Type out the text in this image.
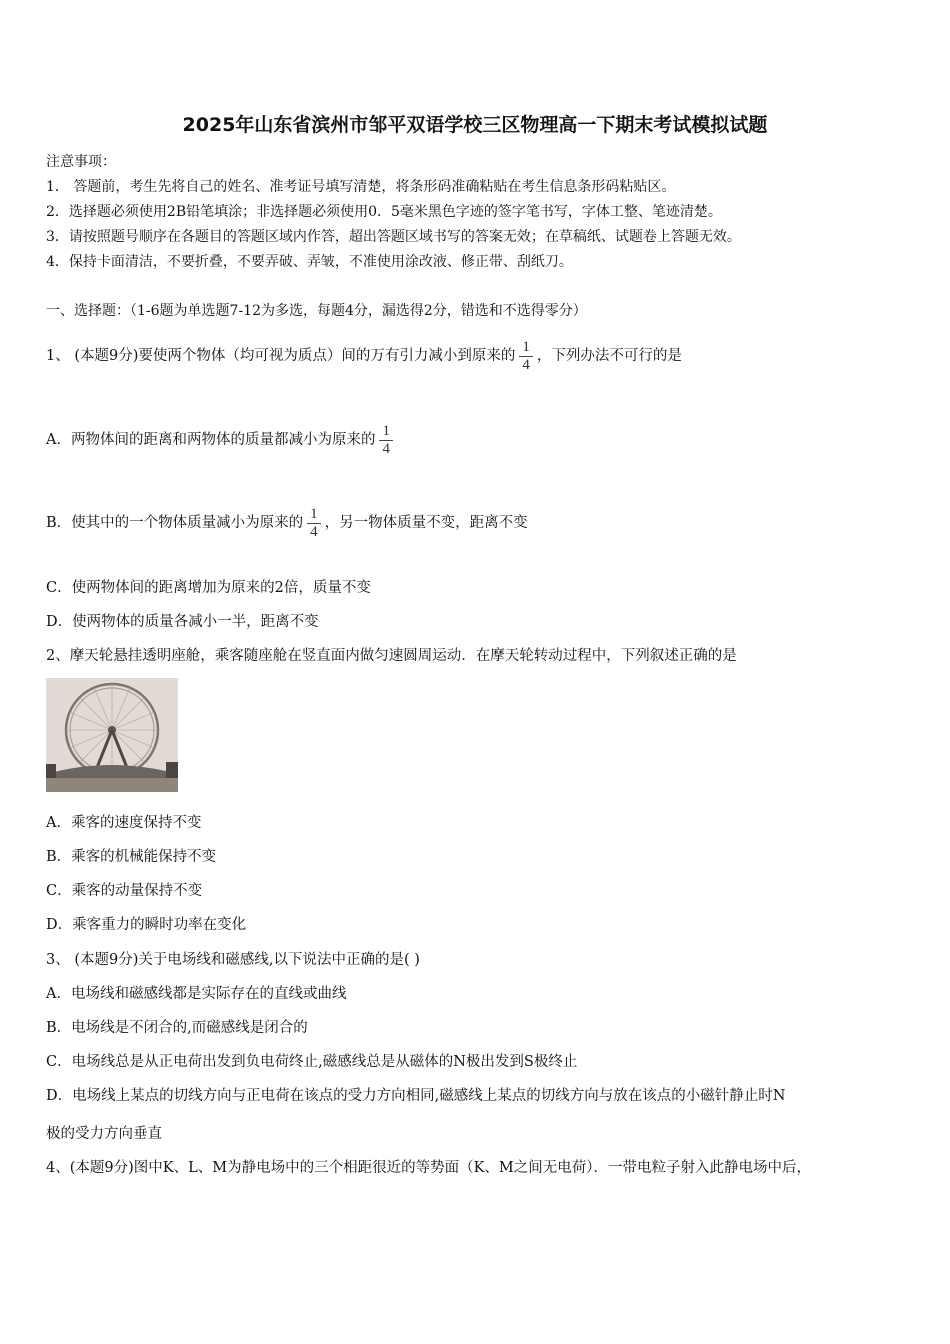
2025年山东省滨州市邹平双语学校三区物理高一下期末考试模拟试题
注意事项：
1． 答题前，考生先将自己的姓名、准考证号填写清楚，将条形码准确粘贴在考生信息条形码粘贴区。
2．选择题必须使用2B铅笔填涂；非选择题必须使用0．5毫米黑色字迹的签字笔书写，字体工整、笔迹清楚。
3．请按照题号顺序在各题目的答题区域内作答，超出答题区域书写的答案无效；在草稿纸、试题卷上答题无效。
4．保持卡面清洁，不要折叠，不要弄破、弄皱，不准使用涂改液、修正带、刮纸刀。
一、选择题：（1-6题为单选题7-12为多选，每题4分，漏选得2分，错选和不选得零分）
1、 (本题9分)要使两个物体（均可视为质点）间的万有引力减小到原来的 $\frac{1}{4}$ ，下列办法不可行的是
A．两物体间的距离和两物体的质量都减小为原来的 $\frac{1}{4}$
B．使其中的一个物体质量减小为原来的 $\frac{1}{4}$ ，另一物体质量不变，距离不变
C．使两物体间的距离增加为原来的2倍，质量不变
D．使两物体的质量各减小一半，距离不变
2、摩天轮悬挂透明座舱，乘客随座舱在竖直面内做匀速圆周运动．在摩天轮转动过程中，下列叙述正确的是
A．乘客的速度保持不变
B．乘客的机械能保持不变
C．乘客的动量保持不变
D．乘客重力的瞬时功率在变化
3、 (本题9分)关于电场线和磁感线,以下说法中正确的是( )
A．电场线和磁感线都是实际存在的直线或曲线
B．电场线是不闭合的,而磁感线是闭合的
C．电场线总是从正电荷出发到负电荷终止,磁感线总是从磁体的N极出发到S极终止
D．电场线上某点的切线方向与正电荷在该点的受力方向相同,磁感线上某点的切线方向与放在该点的小磁针静止时N
极的受力方向垂直
4、(本题9分)图中K、L、M为静电场中的三个相距很近的等势面（K、M之间无电荷）．一带电粒子射入此静电场中后，
